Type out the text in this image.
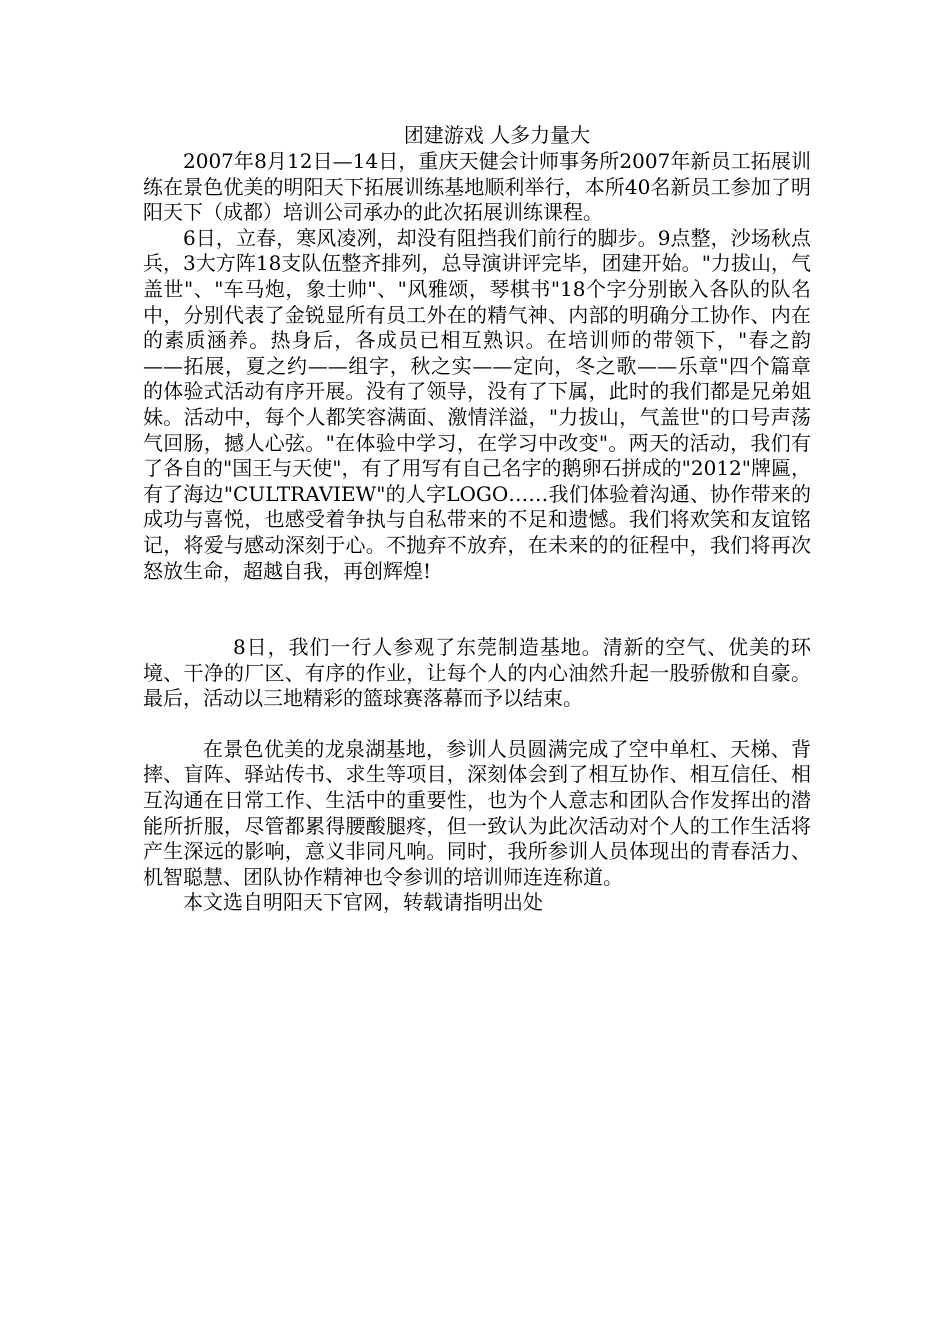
团建游戏 人多力量大

2007年8月12日—14日，重庆天健会计师事务所2007年新员工拓展训练在景色优美的明阳天下拓展训练基地顺利举行，本所40名新员工参加了明阳天下（成都）培训公司承办的此次拓展训练课程。

6日，立春，寒风凌冽，却没有阻挡我们前行的脚步。9点整，沙场秋点兵，3大方阵18支队伍整齐排列，总导演讲评完毕，团建开始。"力拔山，气盖世"、"车马炮，象士帅"、"风雅颂，琴棋书"18个字分别嵌入各队的队名中，分别代表了金锐显所有员工外在的精气神、内部的明确分工协作、内在的素质涵养。热身后，各成员已相互熟识。在培训师的带领下，"春之韵——拓展，夏之约——组字，秋之实——定向，冬之歌——乐章"四个篇章的体验式活动有序开展。没有了领导，没有了下属，此时的我们都是兄弟姐妹。活动中，每个人都笑容满面、激情洋溢，"力拔山，气盖世"的口号声荡气回肠，撼人心弦。"在体验中学习，在学习中改变"。两天的活动，我们有了各自的"国王与天使"，有了用写有自己名字的鹅卵石拼成的"2012"牌匾，有了海边"CULTRAVIEW"的人字LOGO……我们体验着沟通、协作带来的成功与喜悦，也感受着争执与自私带来的不足和遗憾。我们将欢笑和友谊铭记，将爱与感动深刻于心。不抛弃不放弃，在未来的的征程中，我们将再次怒放生命，超越自我，再创辉煌!

8日，我们一行人参观了东莞制造基地。清新的空气、优美的环境、干净的厂区、有序的作业，让每个人的内心油然升起一股骄傲和自豪。最后，活动以三地精彩的篮球赛落幕而予以结束。

在景色优美的龙泉湖基地，参训人员圆满完成了空中单杠、天梯、背摔、盲阵、驿站传书、求生等项目，深刻体会到了相互协作、相互信任、相互沟通在日常工作、生活中的重要性，也为个人意志和团队合作发挥出的潜能所折服，尽管都累得腰酸腿疼，但一致认为此次活动对个人的工作生活将产生深远的影响，意义非同凡响。同时，我所参训人员体现出的青春活力、机智聪慧、团队协作精神也令参训的培训师连连称道。

本文选自明阳天下官网，转载请指明出处
